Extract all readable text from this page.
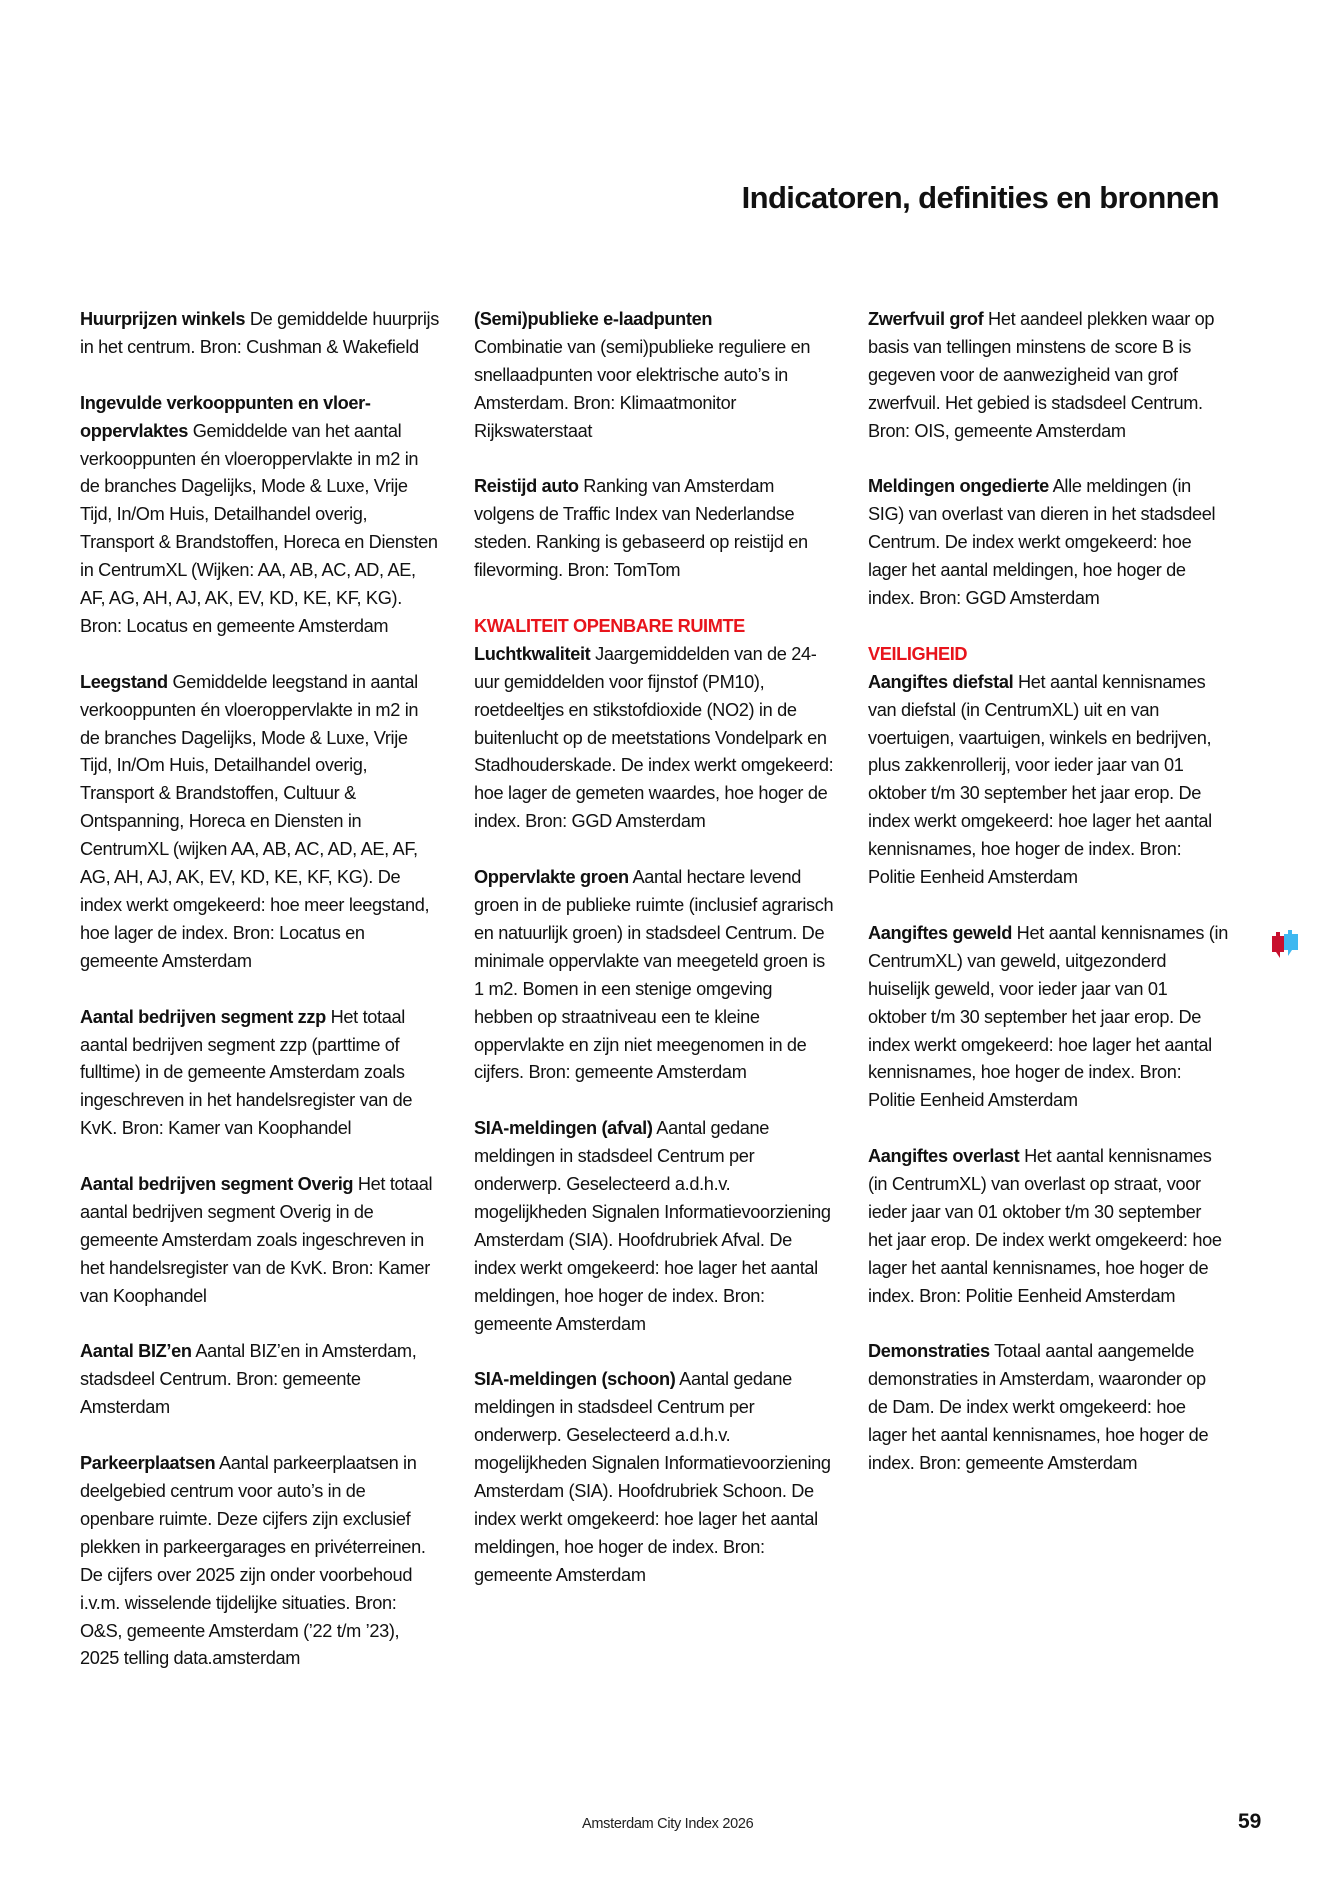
Indicatoren, definities en bronnen

Huurprijzen winkels De gemiddelde huurprijs in het centrum. Bron: Cushman & Wakefield

Ingevulde verkooppunten en vloer-oppervlaktes Gemiddelde van het aantal verkooppunten én vloeroppervlakte in m2 in de branches Dagelijks, Mode & Luxe, Vrije Tijd, In/Om Huis, Detailhandel overig, Transport & Brandstoffen, Horeca en Diensten in CentrumXL (Wijken: AA, AB, AC, AD, AE, AF, AG, AH, AJ, AK, EV, KD, KE, KF, KG). Bron: Locatus en gemeente Amsterdam

Leegstand Gemiddelde leegstand in aantal verkooppunten én vloeroppervlakte in m2 in de branches Dagelijks, Mode & Luxe, Vrije Tijd, In/Om Huis, Detailhandel overig, Transport & Brandstoffen, Cultuur & Ontspanning, Horeca en Diensten in CentrumXL (wijken AA, AB, AC, AD, AE, AF, AG, AH, AJ, AK, EV, KD, KE, KF, KG). De index werkt omgekeerd: hoe meer leegstand, hoe lager de index. Bron: Locatus en gemeente Amsterdam

Aantal bedrijven segment zzp Het totaal aantal bedrijven segment zzp (parttime of fulltime) in de gemeente Amsterdam zoals ingeschreven in het handelsregister van de KvK. Bron: Kamer van Koophandel

Aantal bedrijven segment Overig Het totaal aantal bedrijven segment Overig in de gemeente Amsterdam zoals ingeschreven in het handelsregister van de KvK. Bron: Kamer van Koophandel

Aantal BIZ’en Aantal BIZ’en in Amsterdam, stadsdeel Centrum. Bron: gemeente Amsterdam

Parkeerplaatsen Aantal parkeerplaatsen in deelgebied centrum voor auto’s in de openbare ruimte. Deze cijfers zijn exclusief plekken in parkeergarages en privéterreinen. De cijfers over 2025 zijn onder voorbehoud i.v.m. wisselende tijdelijke situaties. Bron: O&S, gemeente Amsterdam (’22 t/m ’23), 2025 telling data.amsterdam

(Semi)publieke e-laadpunten
Combinatie van (semi)publieke reguliere en snellaadpunten voor elektrische auto’s in Amsterdam. Bron: Klimaatmonitor Rijkswaterstaat

Reistijd auto Ranking van Amsterdam volgens de Traffic Index van Nederlandse steden. Ranking is gebaseerd op reistijd en filevorming. Bron: TomTom

KWALITEIT OPENBARE RUIMTE

Luchtkwaliteit Jaargemiddelden van de 24-uur gemiddelden voor fijnstof (PM10), roetdeeltjes en stikstofdioxide (NO2) in de buitenlucht op de meetstations Vondelpark en Stadhouderskade. De index werkt omgekeerd: hoe lager de gemeten waardes, hoe hoger de index. Bron: GGD Amsterdam

Oppervlakte groen Aantal hectare levend groen in de publieke ruimte (inclusief agrarisch en natuurlijk groen) in stadsdeel Centrum. De minimale oppervlakte van meegeteld groen is 1 m2. Bomen in een stenige omgeving hebben op straatniveau een te kleine oppervlakte en zijn niet meegenomen in de cijfers. Bron: gemeente Amsterdam

SIA-meldingen (afval) Aantal gedane meldingen in stadsdeel Centrum per onderwerp. Geselecteerd a.d.h.v. mogelijkheden Signalen Informatievoorziening Amsterdam (SIA). Hoofdrubriek Afval. De index werkt omgekeerd: hoe lager het aantal meldingen, hoe hoger de index. Bron: gemeente Amsterdam

SIA-meldingen (schoon) Aantal gedane meldingen in stadsdeel Centrum per onderwerp. Geselecteerd a.d.h.v. mogelijkheden Signalen Informatievoorziening Amsterdam (SIA). Hoofdrubriek Schoon. De index werkt omgekeerd: hoe lager het aantal meldingen, hoe hoger de index. Bron: gemeente Amsterdam

Zwerfvuil grof Het aandeel plekken waar op basis van tellingen minstens de score B is gegeven voor de aanwezigheid van grof zwerfvuil. Het gebied is stadsdeel Centrum. Bron: OIS, gemeente Amsterdam

Meldingen ongedierte Alle meldingen (in SIG) van overlast van dieren in het stadsdeel Centrum. De index werkt omgekeerd: hoe lager het aantal meldingen, hoe hoger de index. Bron: GGD Amsterdam

VEILIGHEID

Aangiftes diefstal Het aantal kennisnames van diefstal (in CentrumXL) uit en van voertuigen, vaartuigen, winkels en bedrijven, plus zakkenrollerij, voor ieder jaar van 01 oktober t/m 30 september het jaar erop. De index werkt omgekeerd: hoe lager het aantal kennisnames, hoe hoger de index. Bron: Politie Eenheid Amsterdam

Aangiftes geweld Het aantal kennisnames (in CentrumXL) van geweld, uitgezonderd huiselijk geweld, voor ieder jaar van 01 oktober t/m 30 september het jaar erop. De index werkt omgekeerd: hoe lager het aantal kennisnames, hoe hoger de index. Bron: Politie Eenheid Amsterdam

Aangiftes overlast Het aantal kennisnames (in CentrumXL) van overlast op straat, voor ieder jaar van 01 oktober t/m 30 september het jaar erop. De index werkt omgekeerd: hoe lager het aantal kennisnames, hoe hoger de index. Bron: Politie Eenheid Amsterdam

Demonstraties Totaal aantal aangemelde demonstraties in Amsterdam, waaronder op de Dam. De index werkt omgekeerd: hoe lager het aantal kennisnames, hoe hoger de index. Bron: gemeente Amsterdam

Amsterdam City Index 2026	59
